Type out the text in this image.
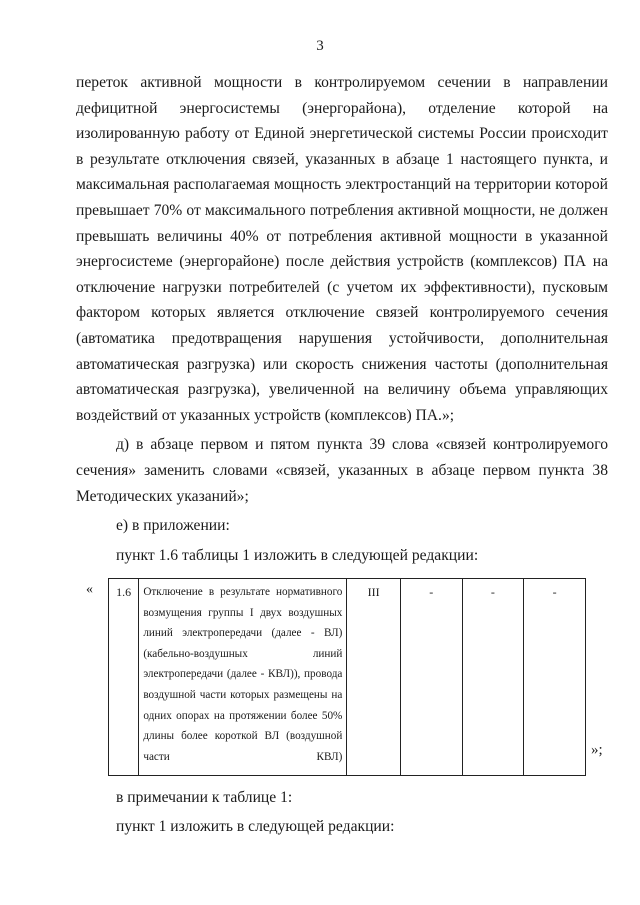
3

переток активной мощности в контролируемом сечении в направлении дефицитной энергосистемы (энергорайона), отделение которой на изолированную работу от Единой энергетической системы России происходит в результате отключения связей, указанных в абзаце 1 настоящего пункта, и максимальная располагаемая мощность электростанций на территории которой превышает 70% от максимального потребления активной мощности, не должен превышать величины 40% от потребления активной мощности в указанной энергосистеме (энергорайоне) после действия устройств (комплексов) ПА на отключение нагрузки потребителей (с учетом их эффективности), пусковым фактором которых является отключение связей контролируемого сечения (автоматика предотвращения нарушения устойчивости, дополнительная автоматическая разгрузка) или скорость снижения частоты (дополнительная автоматическая разгрузка), увеличенной на величину объема управляющих воздействий от указанных устройств (комплексов) ПА.»;

д) в абзаце первом и пятом пункта 39 слова «связей контролируемого сечения» заменить словами «связей, указанных в абзаце первом пункта 38 Методических указаний»;

е) в приложении:

пункт 1.6 таблицы 1 изложить в следующей редакции:

« 1.6	Отключение в результате нормативного возмущения группы I двух воздушных линий электропередачи (далее - ВЛ) (кабельно-воздушных линий электропередачи (далее - КВЛ)), провода воздушной части которых размещены на одних опорах на протяжении более 50% длины более короткой ВЛ (воздушной части КВЛ)	III	-	-	-
»;

в примечании к таблице 1:

пункт 1 изложить в следующей редакции:
